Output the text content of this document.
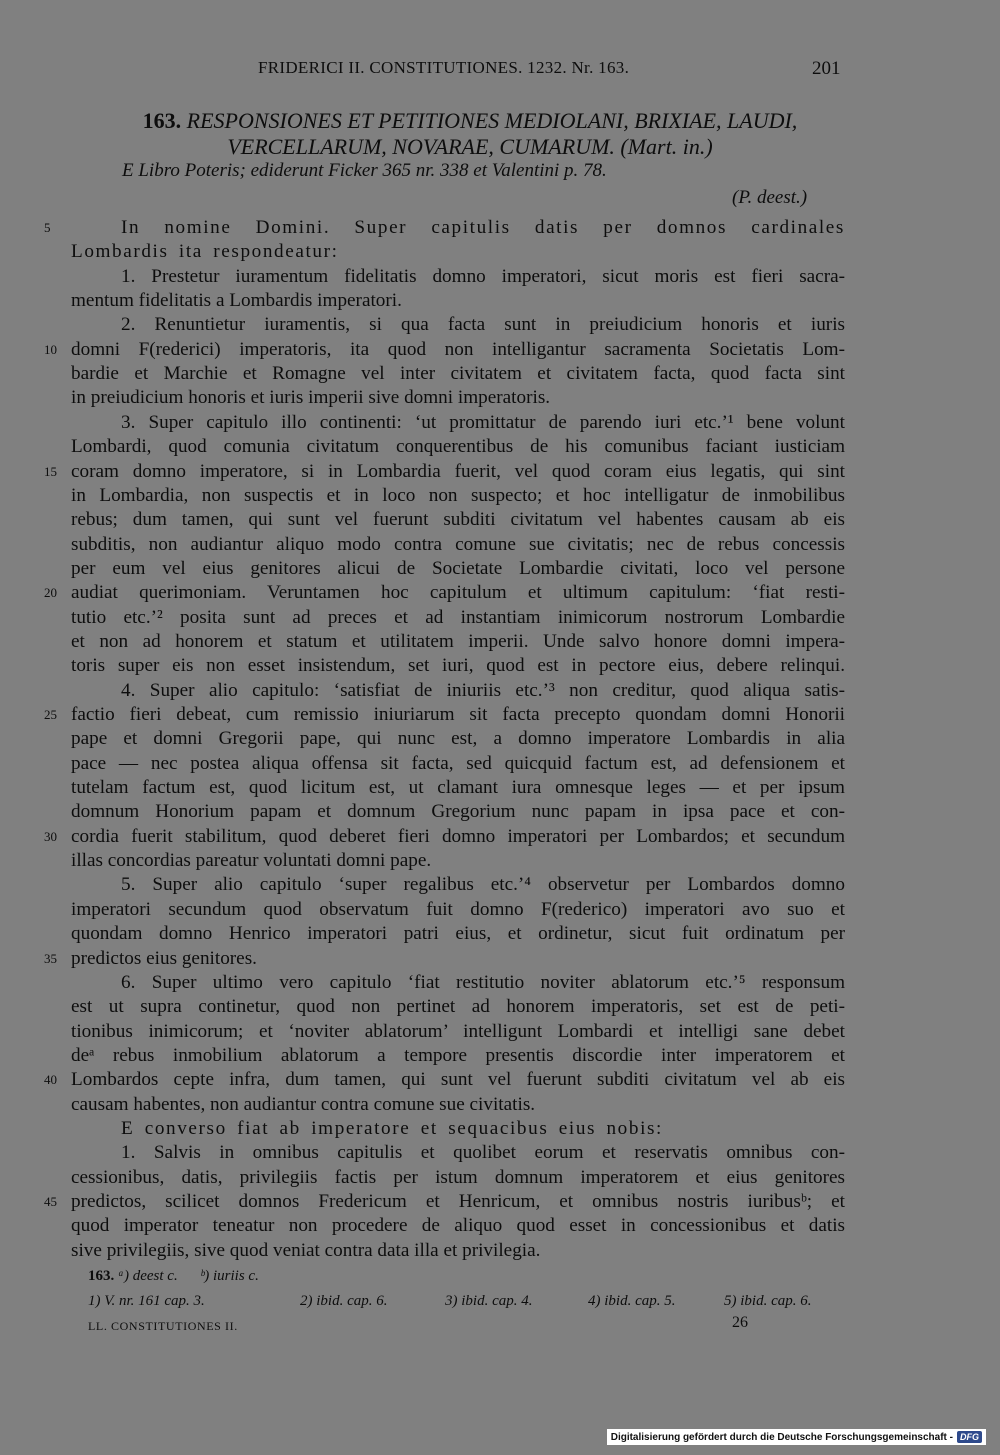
FRIDERICI II. CONSTITUTIONES. 1232. Nr. 163.	201
163. RESPONSIONES ET PETITIONES MEDIOLANI, BRIXIAE, LAUDI,
VERCELLARUM, NOVARAE, CUMARUM. (Mart. in.)
E Libro Poteris; ediderunt Ficker 365 nr. 338 et Valentini p. 78.
(P. deest.)
In nomine Domini. Super capitulis datis per domnos cardinales
Lombardis ita respondeatur:
1. Prestetur iuramentum fidelitatis domno imperatori, sicut moris est fieri sacra-
mentum fidelitatis a Lombardis imperatori.
2. Renuntietur iuramentis, si qua facta sunt in preiudicium honoris et iuris
domni F(rederici) imperatoris, ita quod non intelligantur sacramenta Societatis Lom-
bardie et Marchie et Romagne vel inter civitatem et civitatem facta, quod facta sint
in preiudicium honoris et iuris imperii sive domni imperatoris.
3. Super capitulo illo continenti: ‘ut promittatur de parendo iuri etc.’¹ bene volunt
Lombardi, quod comunia civitatum conquerentibus de his comunibus faciant iusticiam
coram domno imperatore, si in Lombardia fuerit, vel quod coram eius legatis, qui sint
in Lombardia, non suspectis et in loco non suspecto; et hoc intelligatur de inmobilibus
rebus; dum tamen, qui sunt vel fuerunt subditi civitatum vel habentes causam ab eis
subditis, non audiantur aliquo modo contra comune sue civitatis; nec de rebus concessis
per eum vel eius genitores alicui de Societate Lombardie civitati, loco vel persone
audiat querimoniam. Veruntamen hoc capitulum et ultimum capitulum: ‘fiat resti-
tutio etc.’² posita sunt ad preces et ad instantiam inimicorum nostrorum Lombardie
et non ad honorem et statum et utilitatem imperii. Unde salvo honore domni impera-
toris super eis non esset insistendum, set iuri, quod est in pectore eius, debere relinqui.
4. Super alio capitulo: ‘satisfiat de iniuriis etc.’³ non creditur, quod aliqua satis-
factio fieri debeat, cum remissio iniuriarum sit facta precepto quondam domni Honorii
pape et domni Gregorii pape, qui nunc est, a domno imperatore Lombardis in alia
pace — nec postea aliqua offensa sit facta, sed quicquid factum est, ad defensionem et
tutelam factum est, quod licitum est, ut clamant iura omnesque leges — et per ipsum
domnum Honorium papam et domnum Gregorium nunc papam in ipsa pace et con-
cordia fuerit stabilitum, quod deberet fieri domno imperatori per Lombardos; et secundum
illas concordias pareatur voluntati domni pape.
5. Super alio capitulo ‘super regalibus etc.’⁴ observetur per Lombardos domno
imperatori secundum quod observatum fuit domno F(rederico) imperatori avo suo et
quondam domno Henrico imperatori patri eius, et ordinetur, sicut fuit ordinatum per
predictos eius genitores.
6. Super ultimo vero capitulo ‘fiat restitutio noviter ablatorum etc.’⁵ responsum
est ut supra continetur, quod non pertinet ad honorem imperatoris, set est de peti-
tionibus inimicorum; et ‘noviter ablatorum’ intelligunt Lombardi et intelligi sane debet
deᵃ rebus inmobilium ablatorum a tempore presentis discordie inter imperatorem et
Lombardos cepte infra, dum tamen, qui sunt vel fuerunt subditi civitatum vel ab eis
causam habentes, non audiantur contra comune sue civitatis.
E converso fiat ab imperatore et sequacibus eius nobis:
1. Salvis in omnibus capitulis et quolibet eorum et reservatis omnibus con-
cessionibus, datis, privilegiis factis per istum domnum imperatorem et eius genitores
predictos, scilicet domnos Fredericum et Henricum, et omnibus nostris iuribusᵇ; et
quod imperator teneatur non procedere de aliquo quod esset in concessionibus et datis
sive privilegiis, sive quod veniat contra data illa et privilegia.
5
10
15
20
25
30
35
40
45
163. ᵃ) deest c. ᵇ) iuriis c.
1) V. nr. 161 cap. 3.	2) ibid. cap. 6.	3) ibid. cap. 4.	4) ibid. cap. 5.	5) ibid. cap. 6.
LL. CONSTITUTIONES II.	26
Digitalisierung gefördert durch die Deutsche Forschungsgemeinschaft - DFG
